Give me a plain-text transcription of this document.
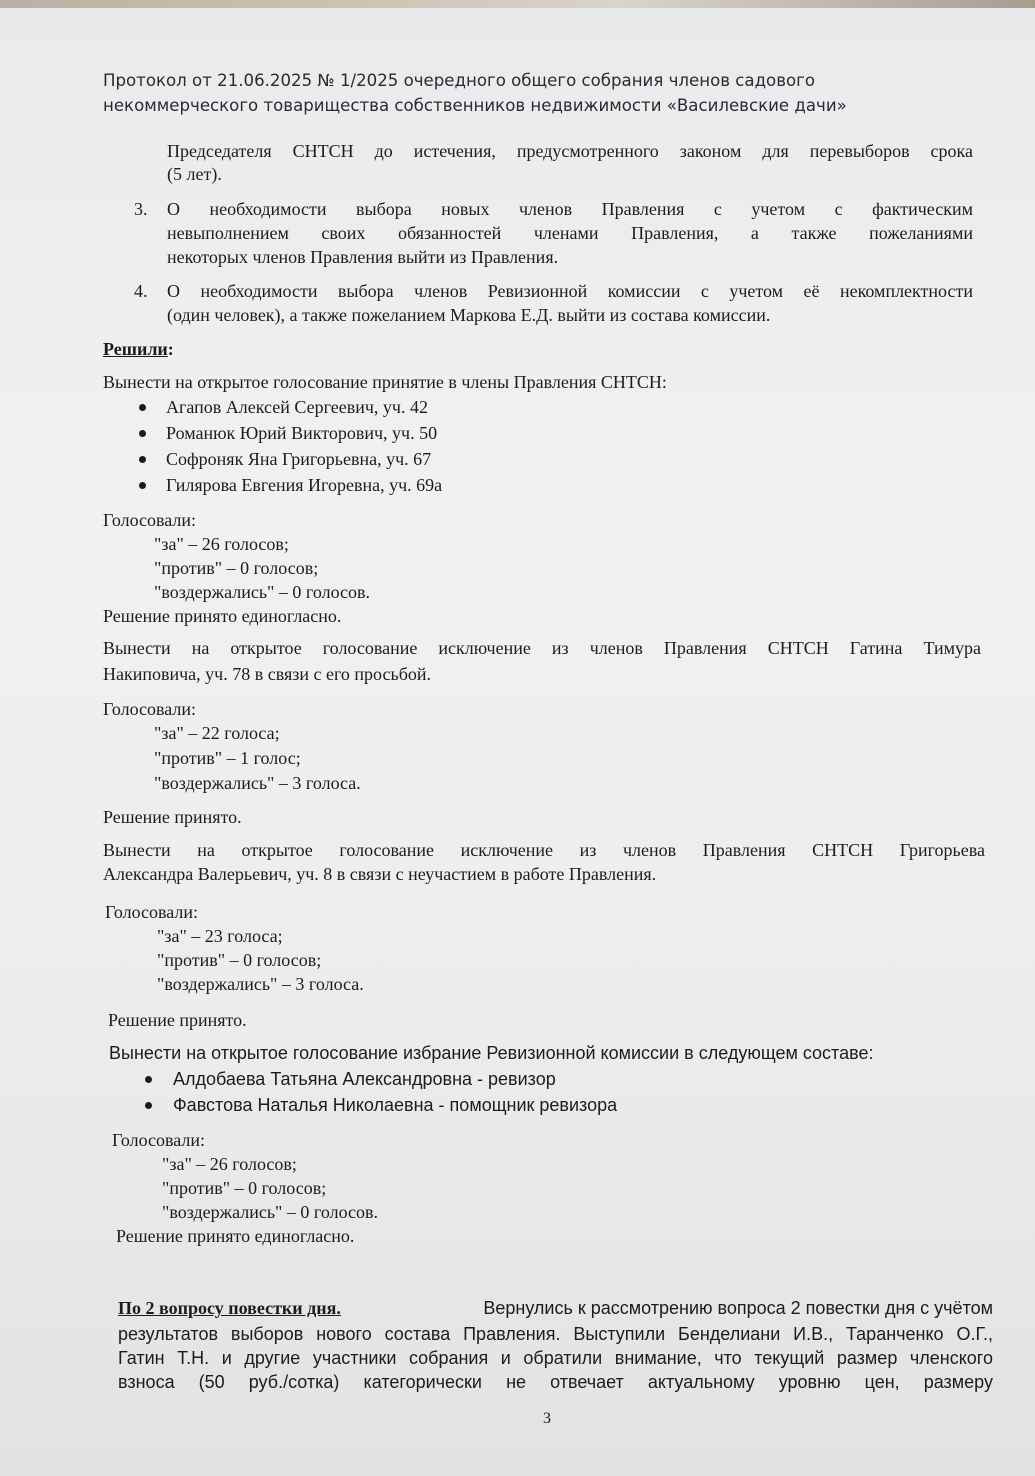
Протокол от 21.06.2025 № 1/2025 очередного общего собрания членов садового некоммерческого товарищества собственников недвижимости «Василевские дачи»
Председателя СНТСН до истечения, предусмотренного законом для перевыборов срока
(5 лет).
3. О необходимости выбора новых членов Правления с учетом с фактическим
невыполнением своих обязанностей членами Правления, а также пожеланиями
некоторых членов Правления выйти из Правления.
4. О необходимости выбора членов Ревизионной комиссии с учетом её некомплектности
(один человек), а также пожеланием Маркова Е.Д. выйти из состава комиссии.
Решили:
Вынести на открытое голосование принятие в члены Правления СНТСН:
Агапов Алексей Сергеевич, уч. 42
Романюк Юрий Викторович, уч. 50
Софроняк Яна Григорьевна, уч. 67
Гилярова Евгения Игоревна, уч. 69а
Голосовали:
"за" – 26 голосов;
"против" – 0 голосов;
"воздержались" – 0 голосов.
Решение принято единогласно.
Вынести на открытое голосование исключение из членов Правления СНТСН Гатина Тимура
Накиповича, уч. 78 в связи с его просьбой.
Голосовали:
"за" – 22 голоса;
"против" – 1 голос;
"воздержались" – 3 голоса.
Решение принято.
Вынести на открытое голосование исключение из членов Правления СНТСН Григорьева
Александра Валерьевич, уч. 8 в связи с неучастием в работе Правления.
Голосовали:
"за" – 23 голоса;
"против" – 0 голосов;
"воздержались" – 3 голоса.
Решение принято.
Вынести на открытое голосование избрание Ревизионной комиссии в следующем составе:
Алдобаева Татьяна Александровна - ревизор
Фавстова Наталья Николаевна - помощник ревизора
Голосовали:
"за" – 26 голосов;
"против" – 0 голосов;
"воздержались" – 0 голосов.
Решение принято единогласно.
По 2 вопросу повестки дня.	Вернулись к рассмотрению вопроса 2 повестки дня с учётом
результатов выборов нового состава Правления. Выступили Бенделиани И.В., Таранченко О.Г.,
Гатин Т.Н. и другие участники собрания и обратили внимание, что текущий размер членского
взноса (50 руб./сотка) категорически не отвечает актуальному уровню цен, размеру
3
